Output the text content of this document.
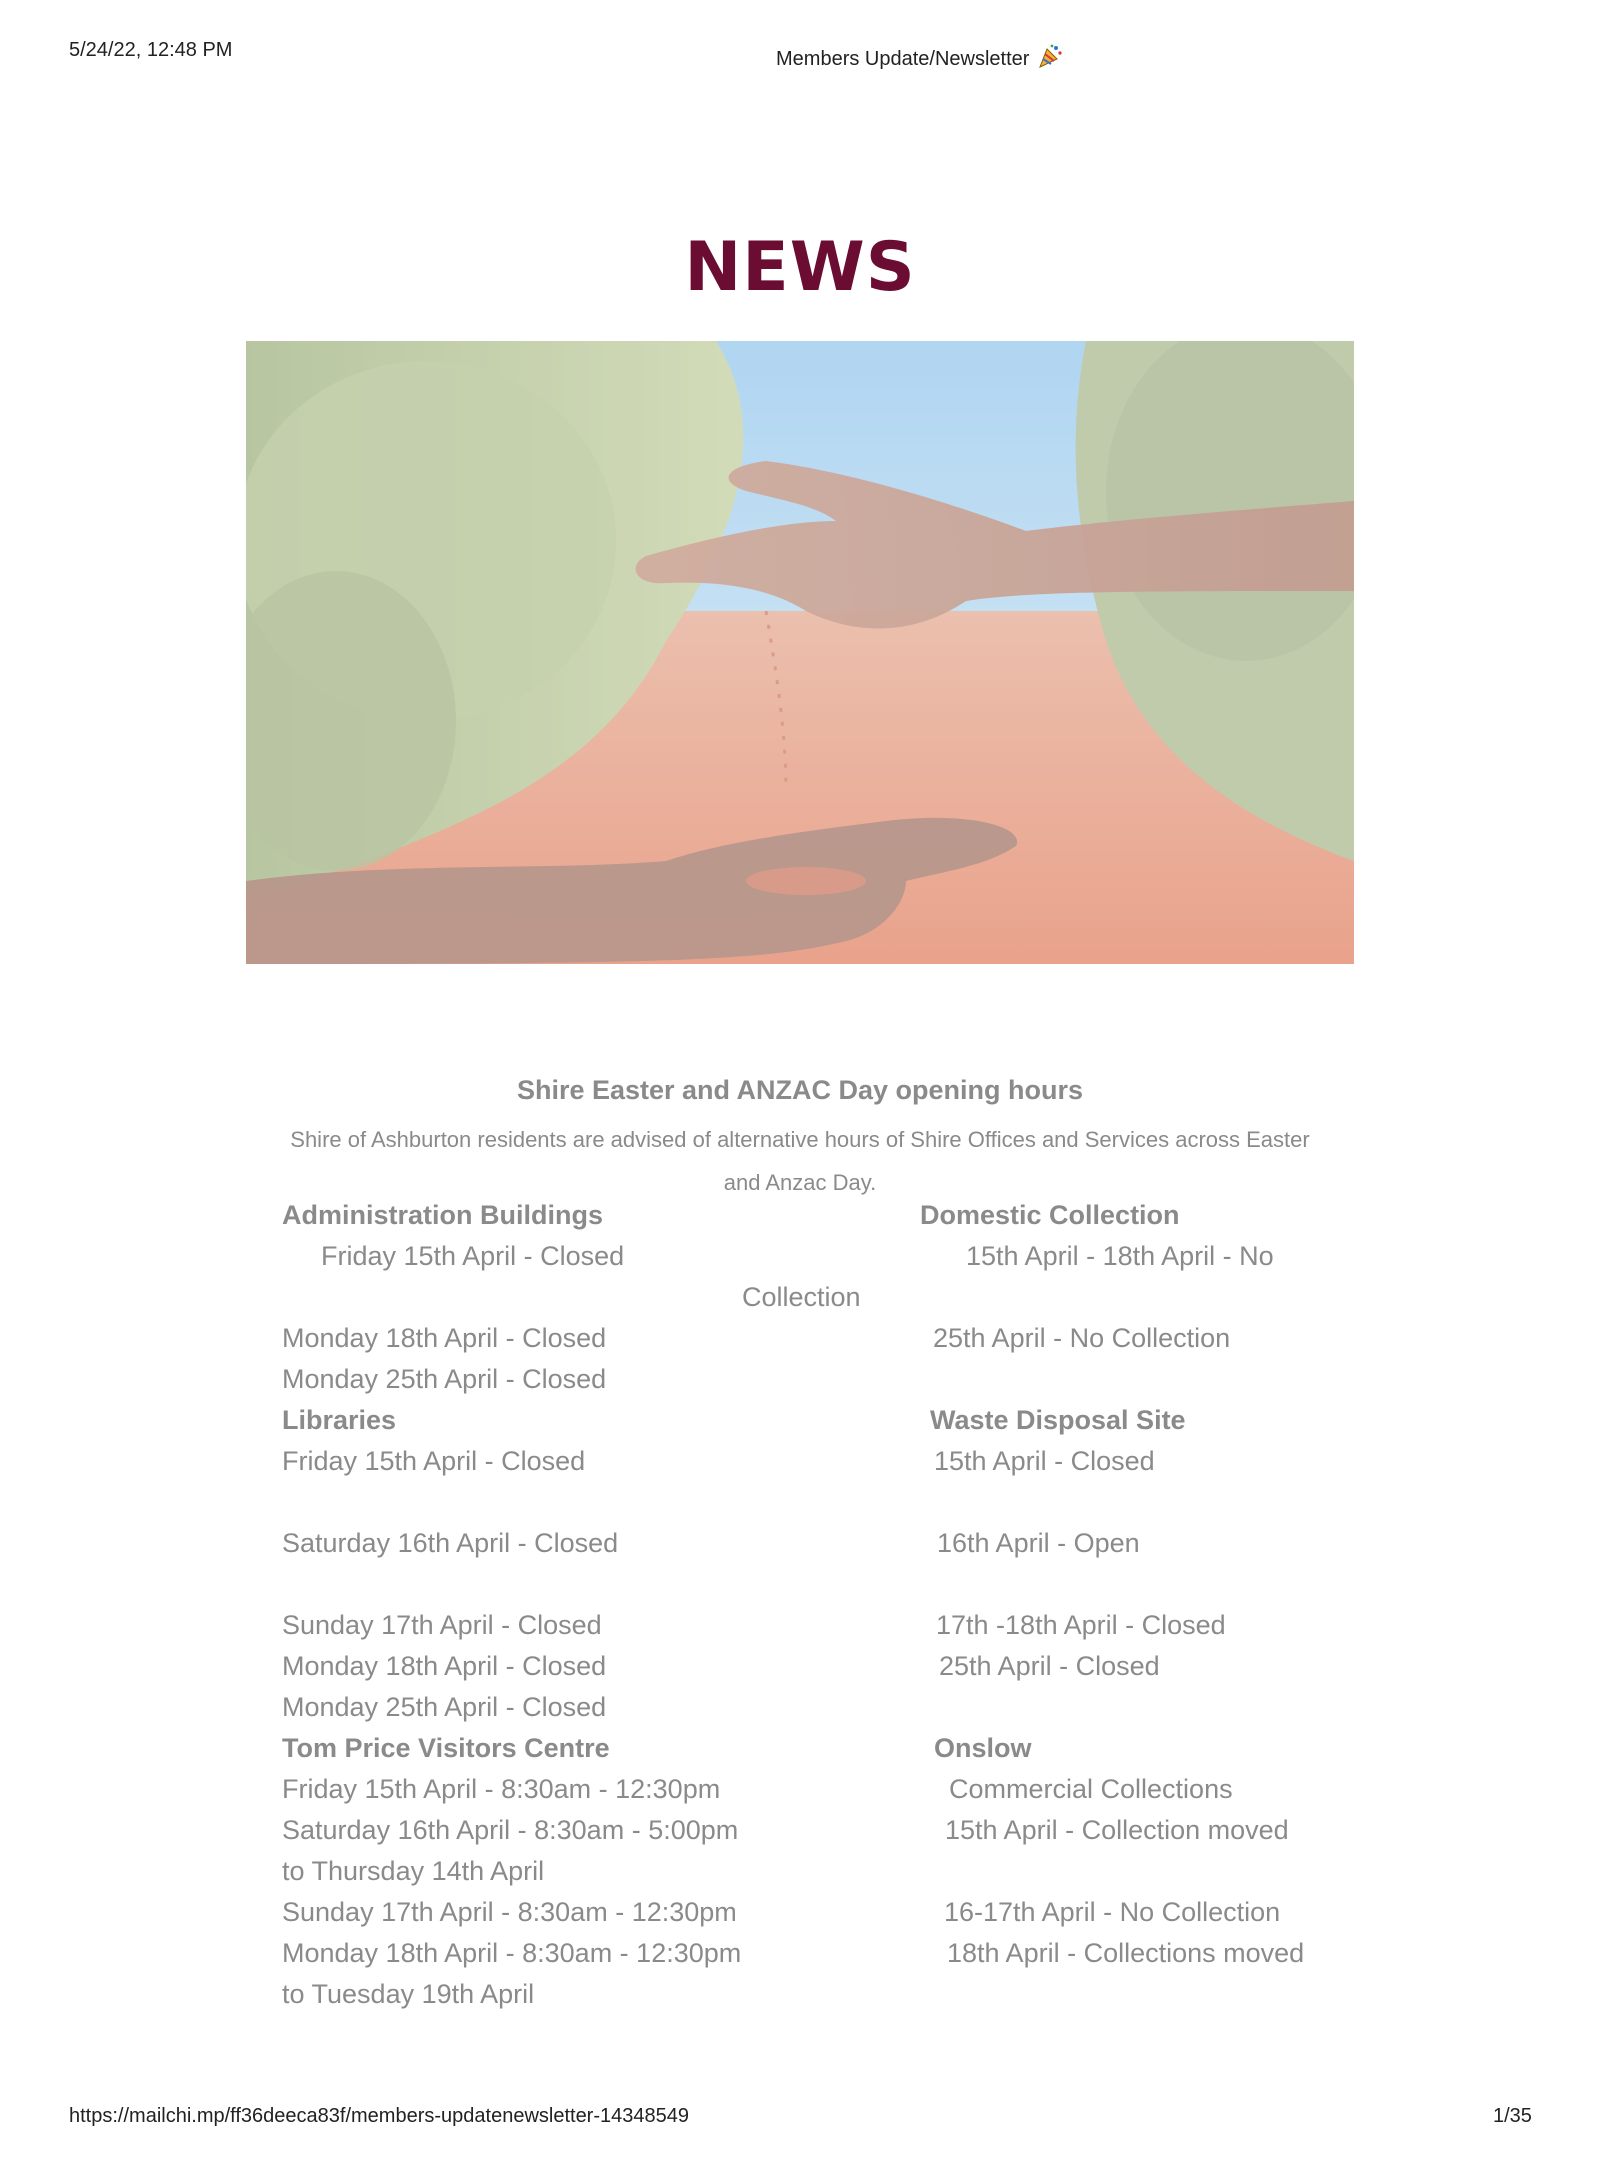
5/24/22, 12:48 PM	Members Update/Newsletter
NEWS
Shire Easter and ANZAC Day opening hours
Shire of Ashburton residents are advised of alternative hours of Shire Offices and Services across Easter and Anzac Day.
Administration Buildings
Friday 15th April - Closed
Monday 18th April - Closed
Monday 25th April - Closed
Libraries
Friday 15th April - Closed
Saturday 16th April - Closed
Sunday 17th April - Closed
Monday 18th April - Closed
Monday 25th April - Closed
Tom Price Visitors Centre
Friday 15th April - 8:30am - 12:30pm
Saturday 16th April - 8:30am - 5:00pm
to Thursday 14th April
Sunday 17th April - 8:30am - 12:30pm
Monday 18th April - 8:30am - 12:30pm
to Tuesday 19th April
Domestic Collection
15th April - 18th April - No
Collection
25th April - No Collection
Waste Disposal Site
15th April - Closed
16th April - Open
17th -18th April - Closed
25th April - Closed
Onslow
Commercial Collections
15th April - Collection moved
16-17th April - No Collection
18th April - Collections moved
https://mailchi.mp/ff36deeca83f/members-updatenewsletter-14348549	1/35
